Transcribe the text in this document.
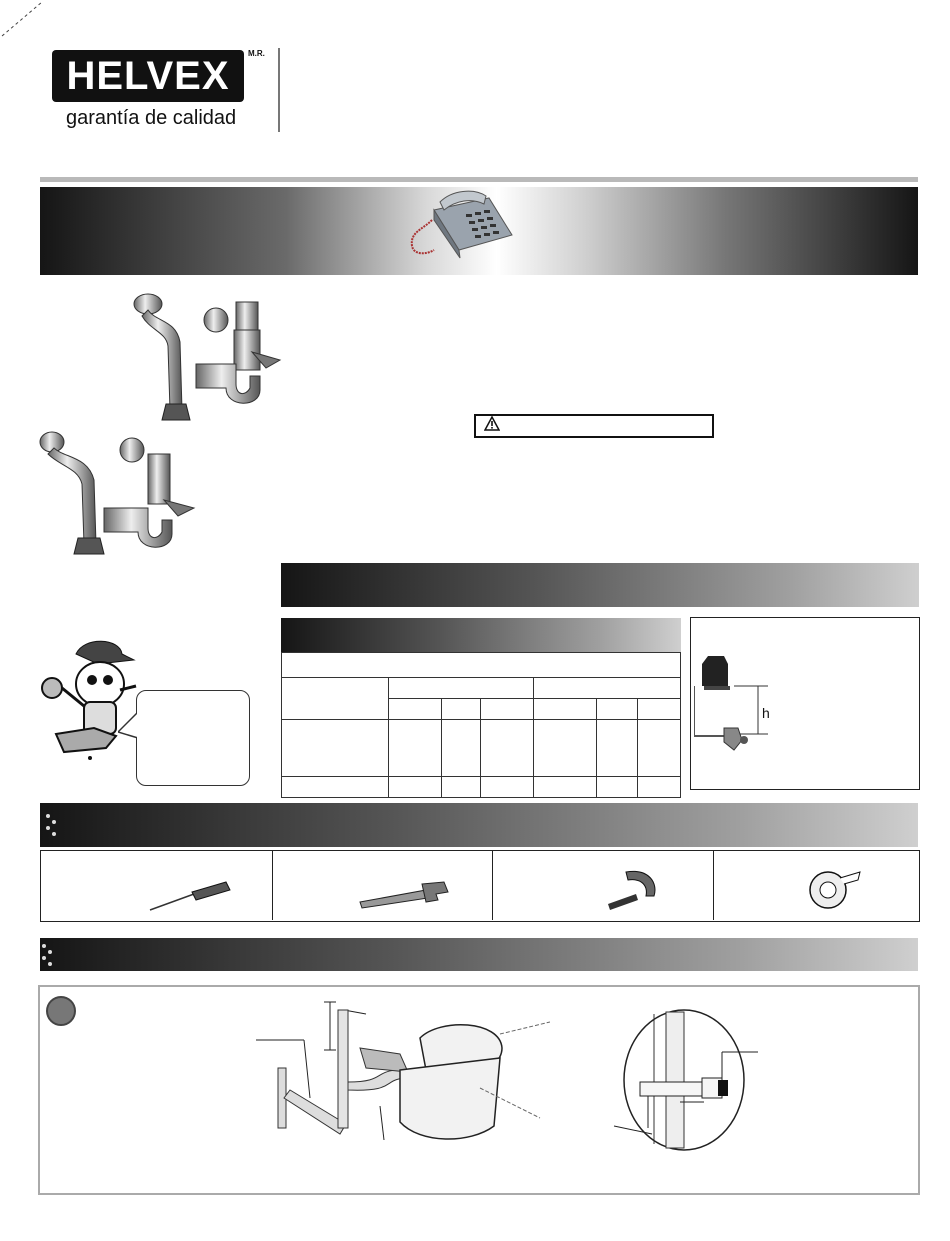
HELVEX
M.R.
garantía de calidad

h
